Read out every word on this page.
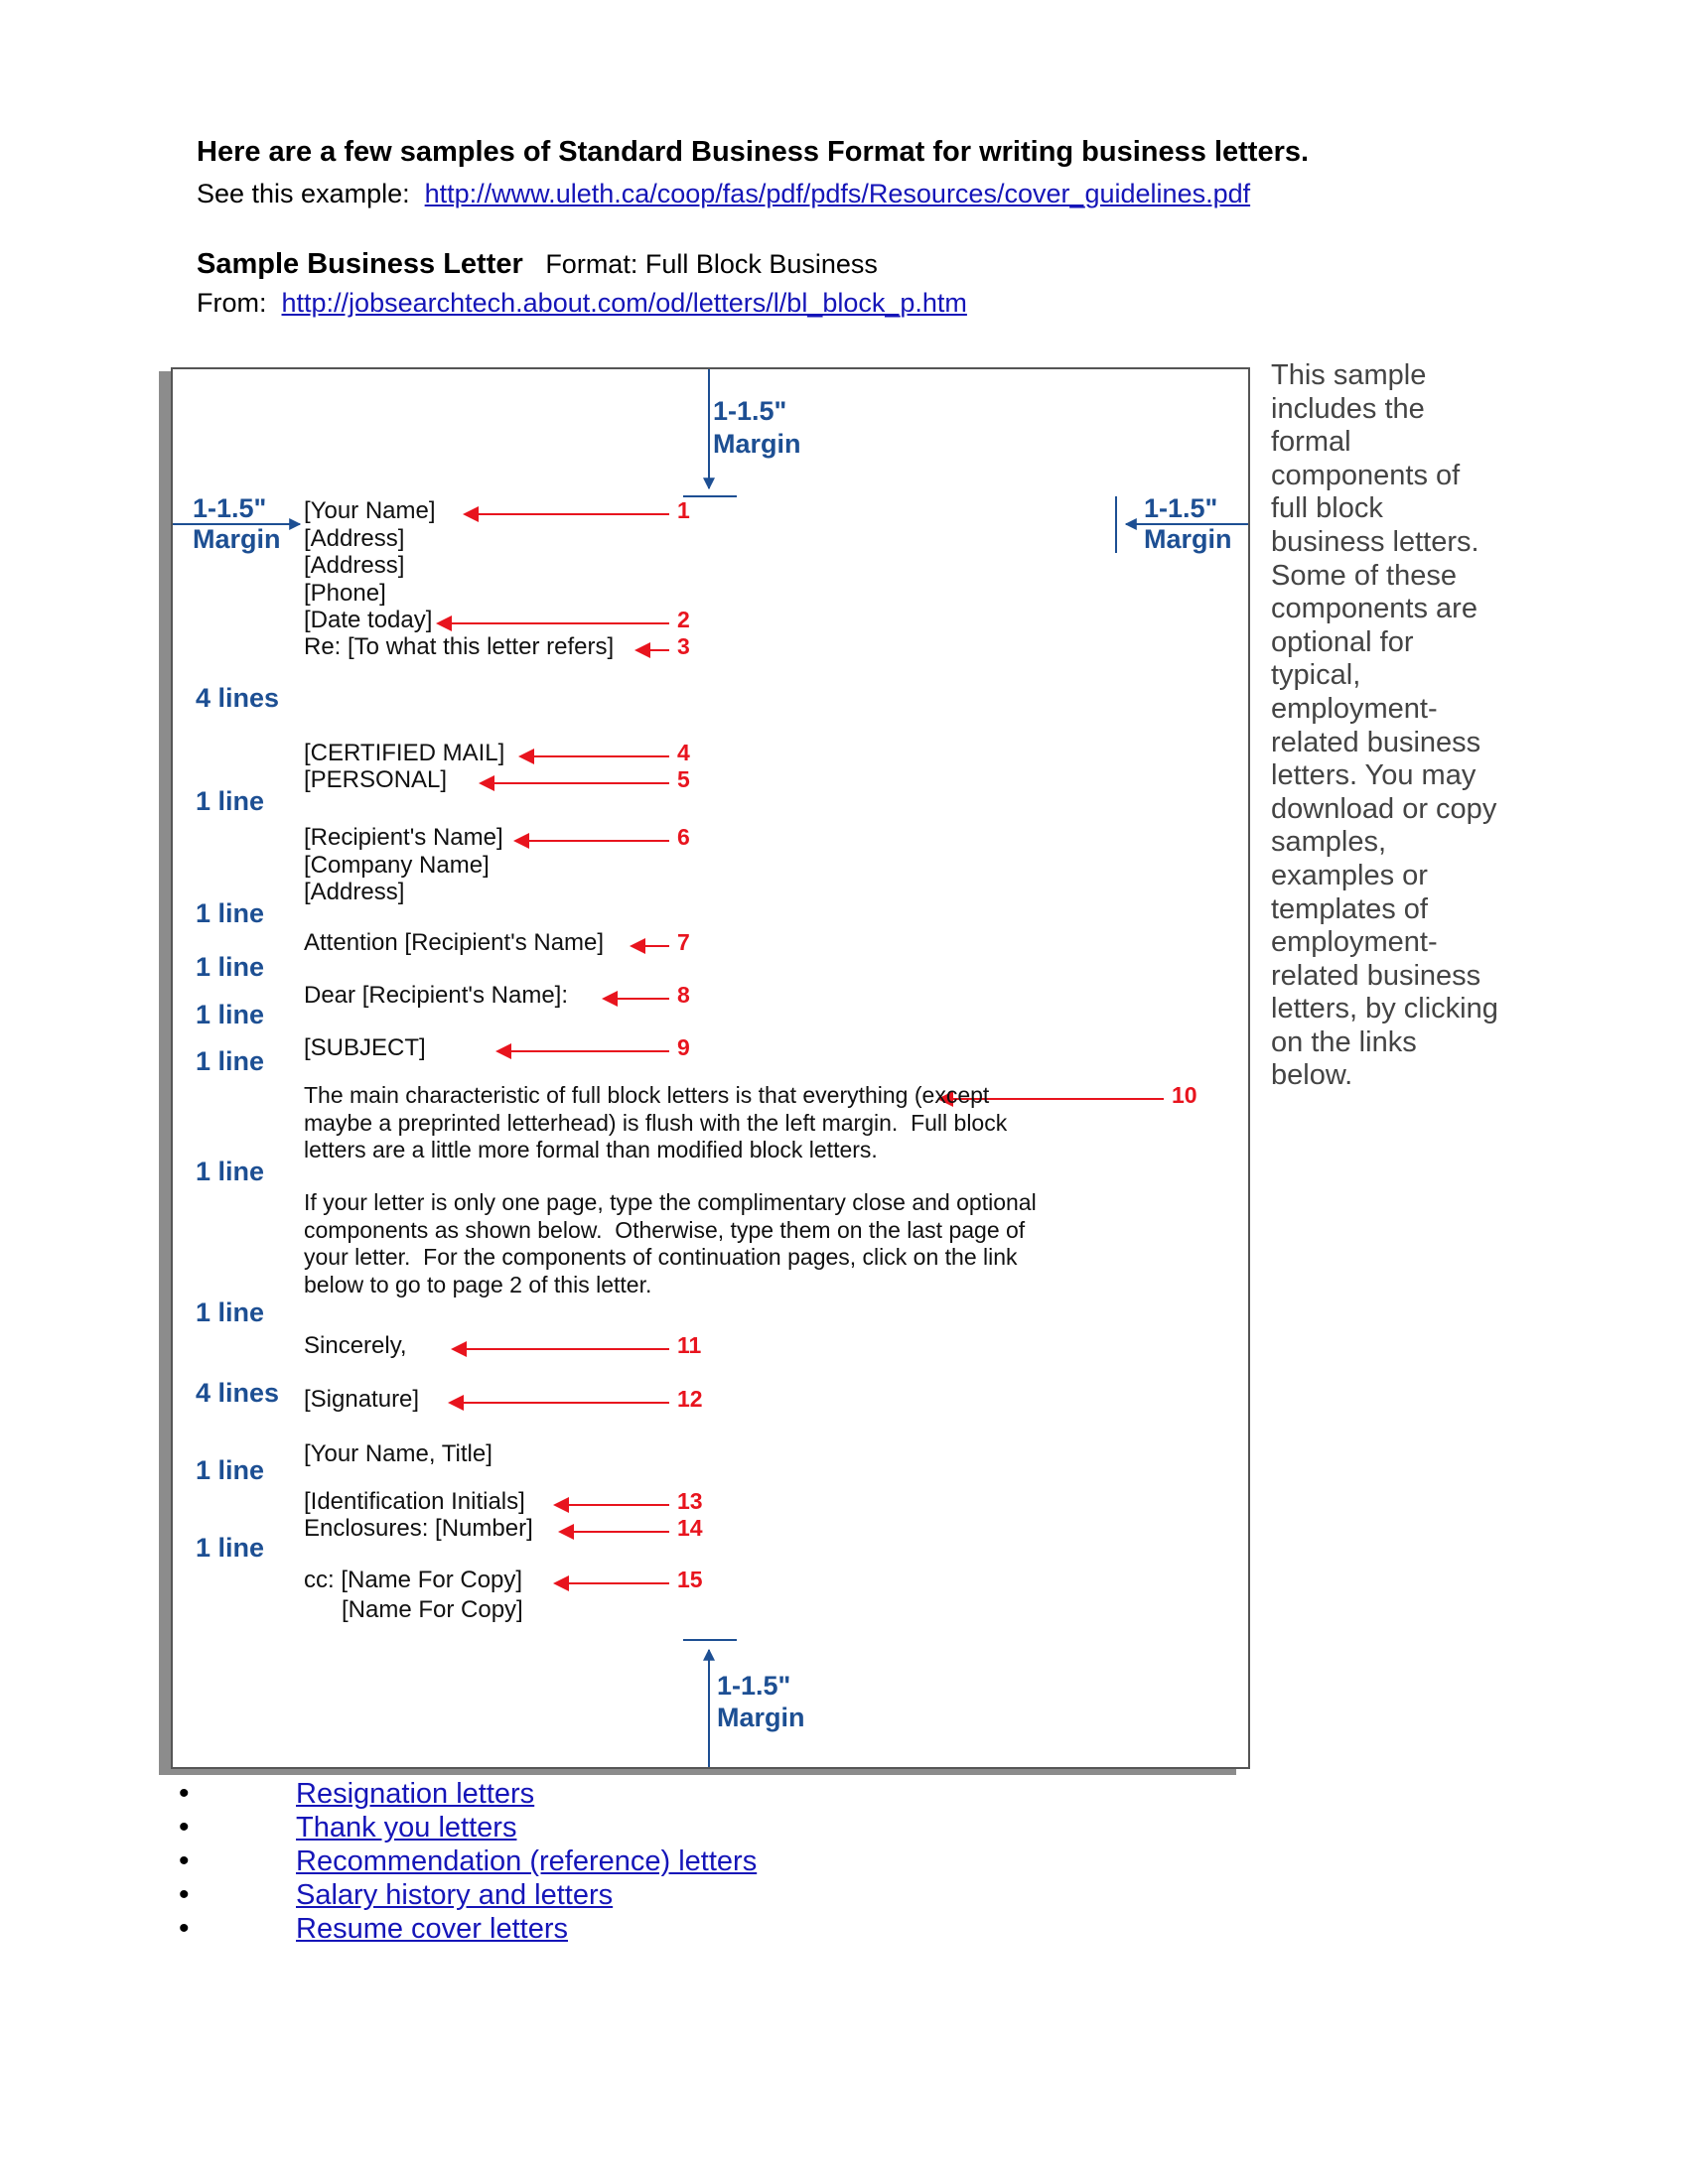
Here are a few samples of Standard Business Format for writing business letters.
See this example: http://www.uleth.ca/coop/fas/pdf/pdfs/Resources/cover_guidelines.pdf
Sample Business Letter Format: Full Block Business
From: http://jobsearchtech.about.com/od/letters/l/bl_block_p.htm
1-1.5"
Margin
1-1.5"
Margin
1-1.5"
Margin
1-1.5"
Margin
4 lines
1 line
1 line
1 line
1 line
1 line
1 line
1 line
4 lines
1 line
1 line
[Your Name]
[Address]
[Address]
[Phone]
[Date today]
Re: [To what this letter refers]
[CERTIFIED MAIL]
[PERSONAL]
[Recipient's Name]
[Company Name]
[Address]
Attention [Recipient's Name]
Dear [Recipient's Name]:
[SUBJECT]
Sincerely,
[Signature]
[Your Name, Title]
[Identification Initials]
Enclosures: [Number]
cc: [Name For Copy]
[Name For Copy]
The main characteristic of full block letters is that everything (except
maybe a preprinted letterhead) is flush with the left margin.  Full block
letters are a little more formal than modified block letters.
If your letter is only one page, type the complimentary close and optional
components as shown below.  Otherwise, type them on the last page of
your letter.  For the components of continuation pages, click on the link
below to go to page 2 of this letter.
1
2
3
4
5
6
7
8
9
10
11
12
13
14
15
This sample includes the formal components of full block business letters. Some of these components are optional for typical, employment-related business letters. You may download or copy samples, examples or templates of employment-related business letters, by clicking on the links below.
•	Resignation letters
•	Thank you letters
•	Recommendation (reference) letters
•	Salary history and letters
•	Resume cover letters
